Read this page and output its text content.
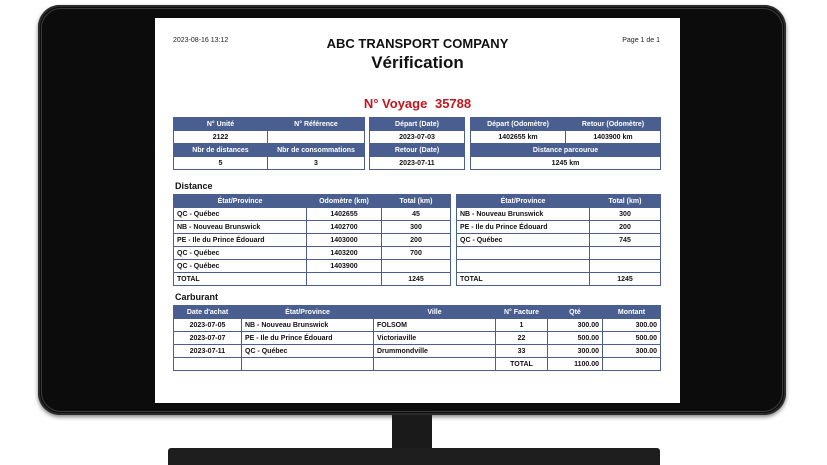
2023-08-16 13:12	Page 1 de 1
ABC TRANSPORT COMPANY
Vérification
N° Voyage 35788
N° Unité	N° Référence
2122	
Nbr de distances	Nbr de consommations
5	3
Départ (Date)
2023-07-03
Retour (Date)
2023-07-11
Départ (Odomètre)	Retour (Odomètre)
1402655 km	1403900 km
Distance parcourue	
1245 km	
Distance
État/Province	Odomètre (km)	Total (km)
QC - Québec	1402655	45
NB - Nouveau Brunswick	1402700	300
PE - Ile du Prince Édouard	1403000	200
QC - Québec	1403200	700
QC - Québec	1403900	
TOTAL		1245
État/Province	Total (km)
NB - Nouveau Brunswick	300
PE - Ile du Prince Édouard	200
QC - Québec	745

TOTAL	1245
Carburant
Date d'achat	État/Province	Ville	N° Facture	Qté	Montant
2023-07-05	NB - Nouveau Brunswick	FOLSOM	1	300.00	300.00
2023-07-07	PE - Ile du Prince Édouard	Victoriaville	22	500.00	500.00
2023-07-11	QC - Québec	Drummondville	33	300.00	300.00
			TOTAL	1100.00	
